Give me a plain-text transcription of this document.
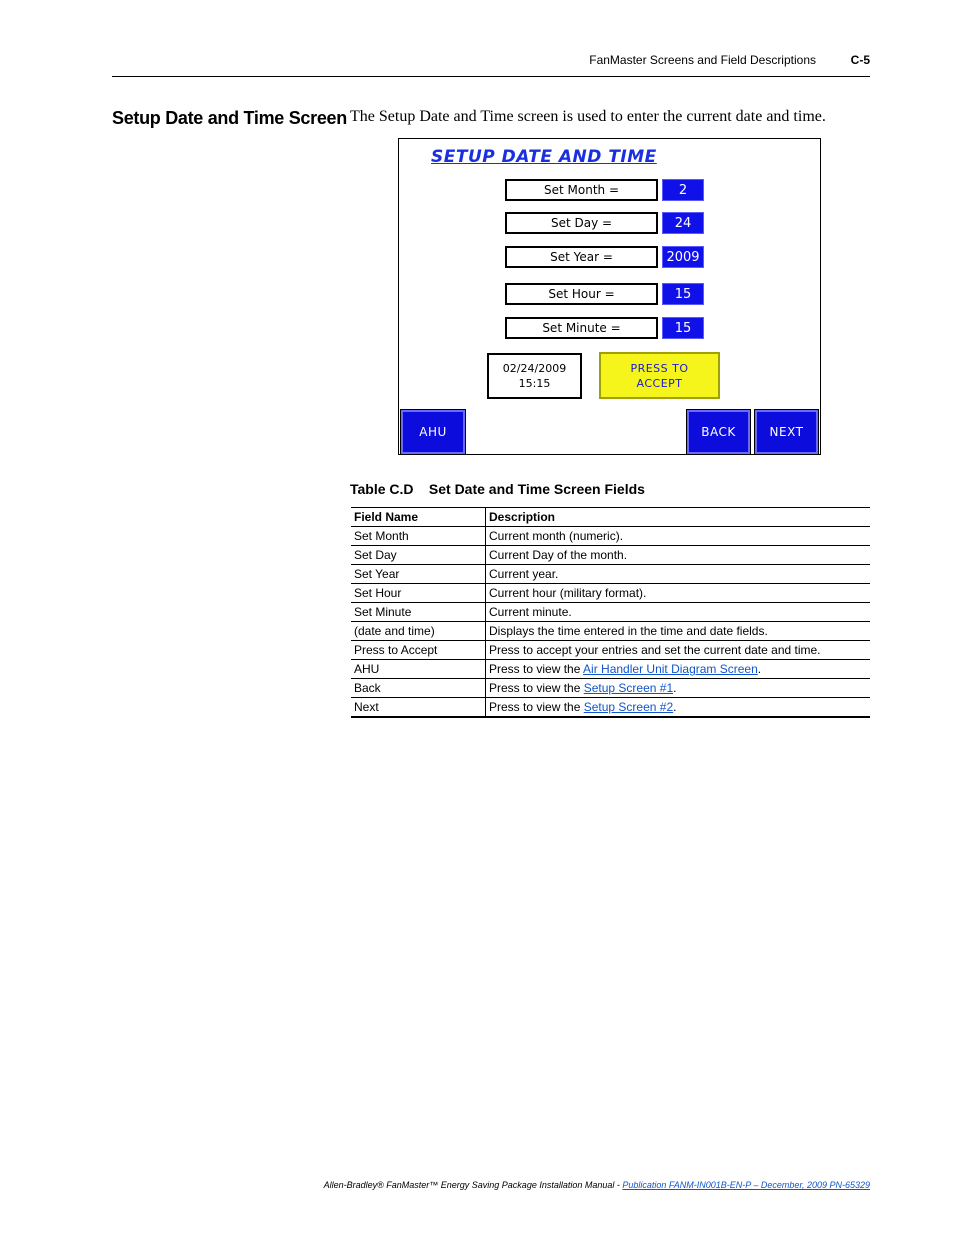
FanMaster Screens and Field Descriptions	C-5
Setup Date and Time Screen The Setup Date and Time screen is used to enter the current date and time.
SETUP DATE AND TIME
Set Month =	2
Set Day =	24
Set Year =	2009
Set Hour =	15
Set Minute =	15
02/24/2009
15:15
PRESS TO
ACCEPT
AHU	BACK	NEXT
Table C.D Set Date and Time Screen Fields
Field Name	Description
Set Month	Current month (numeric).
Set Day	Current Day of the month.
Set Year	Current year.
Set Hour	Current hour (military format).
Set Minute	Current minute.
(date and time)	Displays the time entered in the time and date fields.
Press to Accept	Press to accept your entries and set the current date and time.
AHU	Press to view the Air Handler Unit Diagram Screen.
Back	Press to view the Setup Screen #1.
Next	Press to view the Setup Screen #2.
Allen-Bradley® FanMaster™ Energy Saving Package Installation Manual - Publication FANM-IN001B-EN-P – December, 2009 PN-65329
